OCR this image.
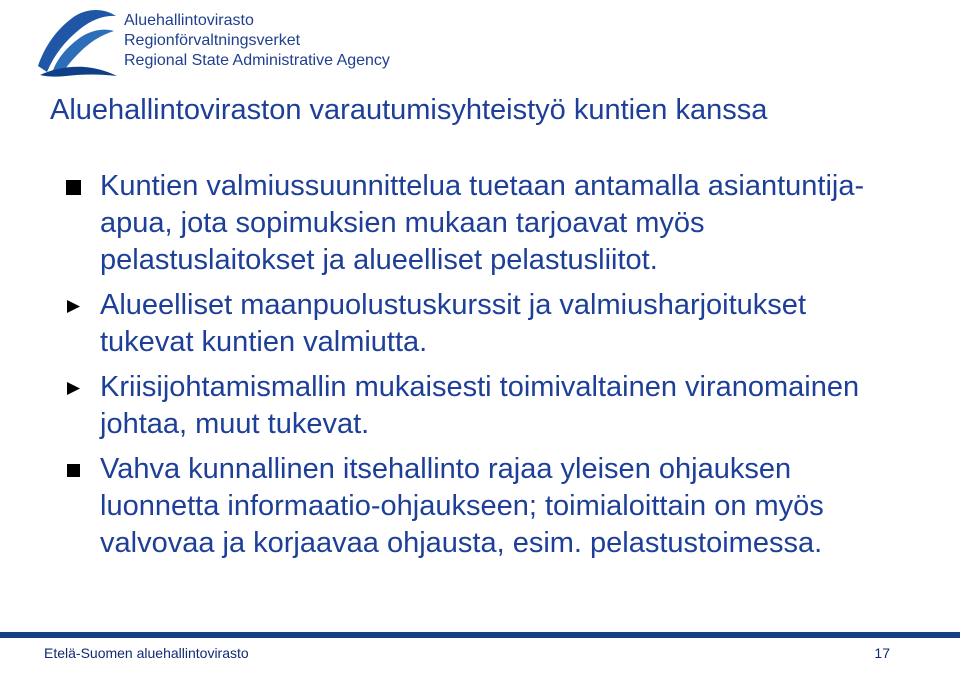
Aluehallintovirasto
Regionförvaltningsverket
Regional State Administrative Agency
Aluehallintoviraston varautumisyhteistyö kuntien kanssa
Kuntien valmiussuunnittelua tuetaan antamalla asiantuntija-apua, jota sopimuksien mukaan tarjoavat myös pelastuslaitokset ja alueelliset pelastusliitot.
Alueelliset maanpuolustuskurssit ja valmiusharjoitukset tukevat kuntien valmiutta.
Kriisijohtamismallin mukaisesti toimivaltainen viranomainen johtaa, muut tukevat.
Vahva kunnallinen itsehallinto rajaa yleisen ohjauksen luonnetta informaatio-ohjaukseen; toimialoittain on myös valvovaa ja korjaavaa ohjausta, esim. pelastustoimessa.
Etelä-Suomen aluehallintovirasto	17
